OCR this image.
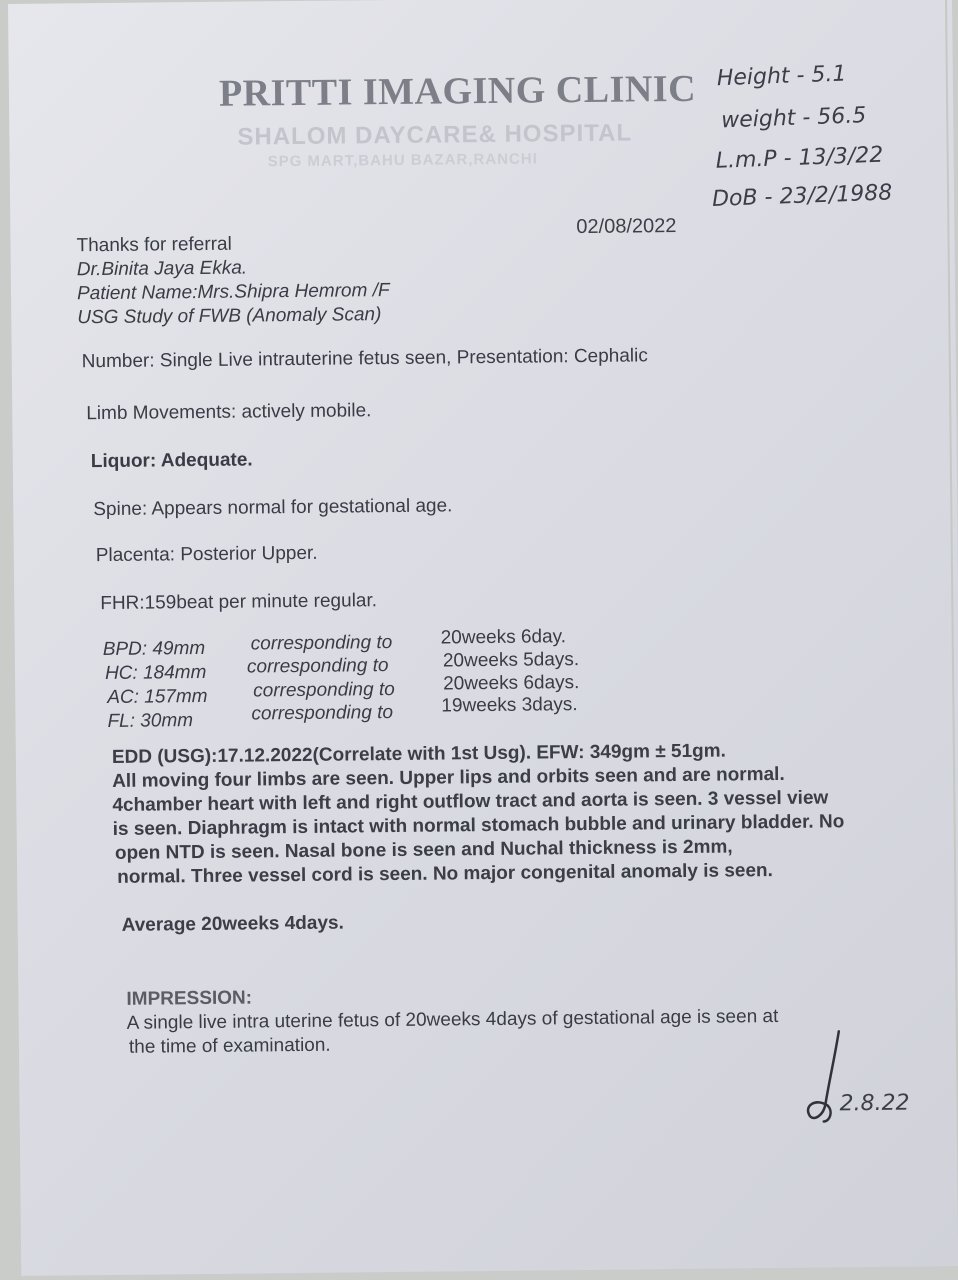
PRITTI IMAGING CLINIC
SHALOM DAYCARE& HOSPITAL
SPG MART,BAHU BAZAR,RANCHI
Height - 5.1
weight - 56.5
L.m.P - 13/3/22
DoB - 23/2/1988
02/08/2022
Thanks for referral
Dr.Binita Jaya Ekka.
Patient Name:Mrs.Shipra Hemrom /F
USG Study of FWB (Anomaly Scan)
Number: Single Live intrauterine fetus seen, Presentation: Cephalic
Limb Movements: actively mobile.
Liquor: Adequate.
Spine: Appears normal for gestational age.
Placenta: Posterior Upper.
FHR:159beat per minute regular.
BPD: 49mm corresponding to	20weeks 6day.
HC: 184mm corresponding to	20weeks 5days.
AC: 157mm corresponding to	20weeks 6days.
FL: 30mm	corresponding to	19weeks 3days.
EDD (USG):17.12.2022(Correlate with 1st Usg). EFW: 349gm ± 51gm.
All moving four limbs are seen. Upper lips and orbits seen and are normal.
4chamber heart with left and right outflow tract and aorta is seen. 3 vessel view
is seen. Diaphragm is intact with normal stomach bubble and urinary bladder. No
open NTD is seen. Nasal bone is seen and Nuchal thickness is 2mm,
normal. Three vessel cord is seen. No major congenital anomaly is seen.
Average 20weeks 4days.
IMPRESSION:
A single live intra uterine fetus of 20weeks 4days of gestational age is seen at
the time of examination.
2.8.22
